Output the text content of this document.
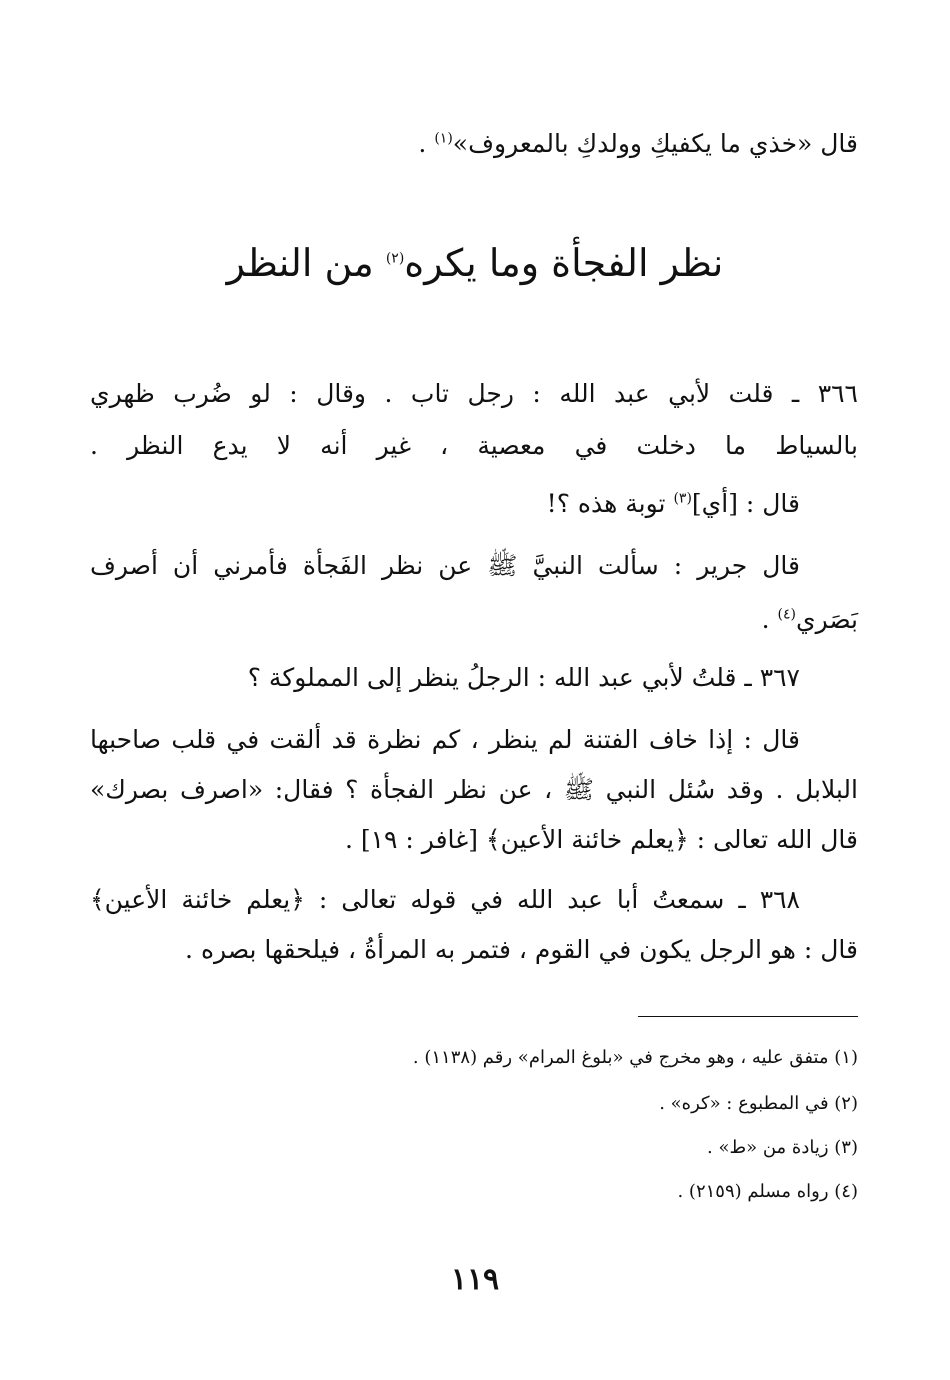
قال «خذي ما يكفيكِ وولدكِ بالمعروف»$^{(١)}$ .
نظر الفجأة وما يكره$^{(٢)}$ من النظر
٣٦٦ ـ قلت لأبي عبد الله : رجل تاب . وقال : لو ضُرب ظهري
بالسياط ما دخلت في معصية ، غير أنه لا يدع النظر .
قال : [أي]$^{(٣)}$ توبة هذه ؟!
قال جرير : سألت النبيَّ ﷺ عن نظر الفَجأة فأمرني أن أصرف
بَصَري$^{(٤)}$ .
٣٦٧ ـ قلتُ لأبي عبد الله : الرجلُ ينظر إلى المملوكة ؟
قال : إذا خاف الفتنة لم ينظر ، كم نظرة قد ألقت في قلب صاحبها
البلابل . وقد سُئل النبي ﷺ ، عن نظر الفجأة ؟ فقال: «اصرف بصرك»
قال الله تعالى : ﴿يعلم خائنة الأعين﴾ [غافر : ١٩] .
٣٦٨ ـ سمعتُ أبا عبد الله في قوله تعالى : ﴿يعلم خائنة الأعين﴾
قال : هو الرجل يكون في القوم ، فتمر به المرأةُ ، فيلحقها بصره .
(١) متفق عليه ، وهو مخرج في «بلوغ المرام» رقم (١١٣٨) .
(٢) في المطبوع : «كره» .
(٣) زيادة من «ط» .
(٤) رواه مسلم (٢١٥٩) .
١١٩
